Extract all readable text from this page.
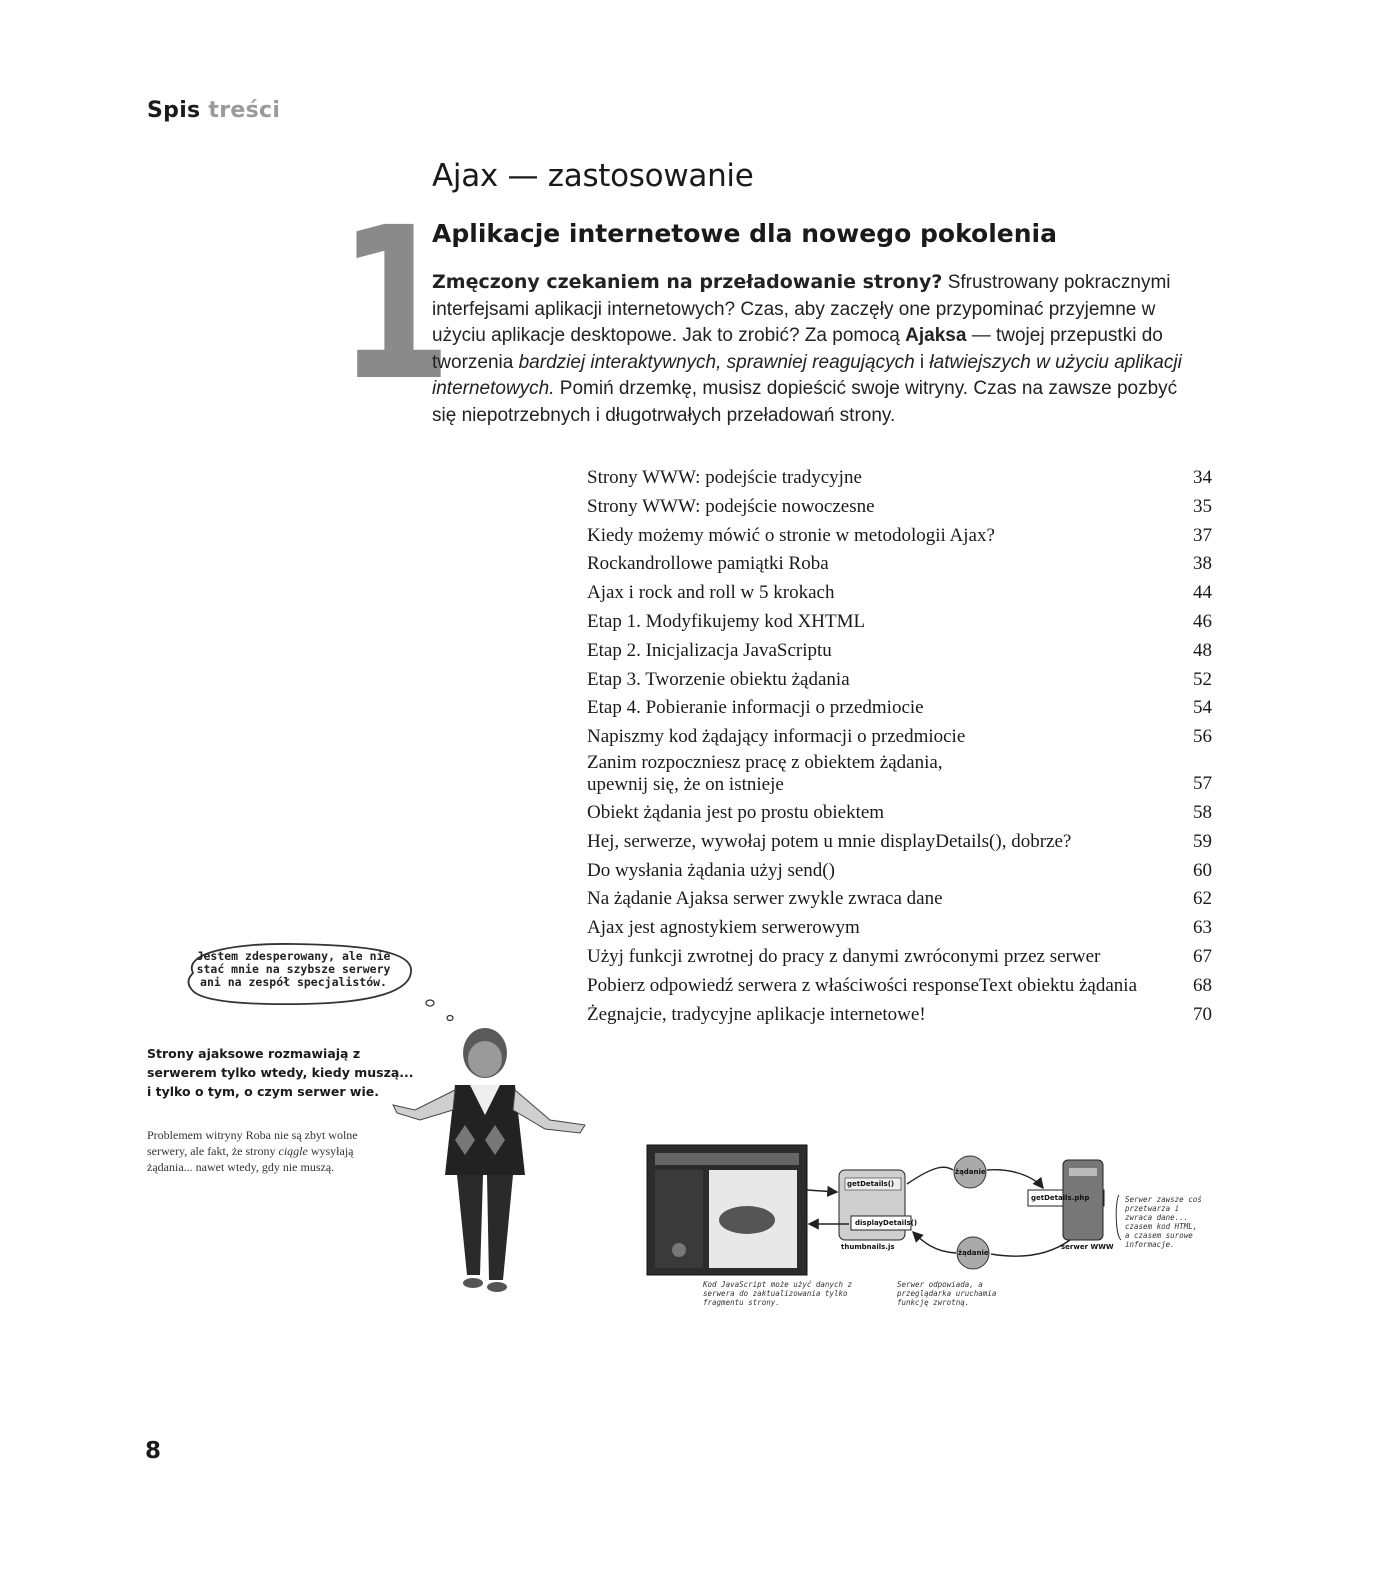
Spis treści
1
Ajax — zastosowanie
Aplikacje internetowe dla nowego pokolenia
Zmęczony czekaniem na przeładowanie strony? Sfrustrowany pokracznymi interfejsami aplikacji internetowych? Czas, aby zaczęły one przypominać przyjemne w użyciu aplikacje desktopowe. Jak to zrobić? Za pomocą Ajaksa — twojej przepustki do tworzenia bardziej interaktywnych, sprawniej reagujących i łatwiejszych w użyciu aplikacji internetowych. Pomiń drzemkę, musisz dopieścić swoje witryny. Czas na zawsze pozbyć się niepotrzebnych i długotrwałych przeładowań strony.
Strony WWW: podejście tradycyjne	34
Strony WWW: podejście nowoczesne	35
Kiedy możemy mówić o stronie w metodologii Ajax?	37
Rockandrollowe pamiątki Roba	38
Ajax i rock and roll w 5 krokach	44
Etap 1. Modyfikujemy kod XHTML	46
Etap 2. Inicjalizacja JavaScriptu	48
Etap 3. Tworzenie obiektu żądania	52
Etap 4. Pobieranie informacji o przedmiocie	54
Napiszmy kod żądający informacji o przedmiocie	56
Zanim rozpoczniesz pracę z obiektem żądania,
upewnij się, że on istnieje	57
Obiekt żądania jest po prostu obiektem	58
Hej, serwerze, wywołaj potem u mnie displayDetails(), dobrze?	59
Do wysłania żądania użyj send()	60
Na żądanie Ajaksa serwer zwykle zwraca dane	62
Ajax jest agnostykiem serwerowym	63
Użyj funkcji zwrotnej do pracy z danymi zwróconymi przez serwer	67
Pobierz odpowiedź serwera z właściwości responseText obiektu żądania	68
Żegnajcie, tradycyjne aplikacje internetowe!	70
Jestem zdesperowany, ale nie stać mnie na szybsze serwery ani na zespół specjalistów.
Strony ajaksowe rozmawiają z serwerem tylko wtedy, kiedy muszą... i tylko o tym, o czym serwer wie.
Problemem witryny Roba nie są zbyt wolne serwery, ale fakt, że strony ciągle wysyłają żądania... nawet wtedy, gdy nie muszą.	żądanie
żądanie
getDetails()
displayDetails()
thumbnails.js
getDetails.php
serwer WWW
Serwer zawsze coś przetwarza i zwraca dane... czasem kod HTML, a czasem surowe informacje.
Kod JavaScript może użyć danych z serwera do zaktualizowania tylko fragmentu strony.
Serwer odpowiada, a przeglądarka uruchamia funkcję zwrotną.
8
